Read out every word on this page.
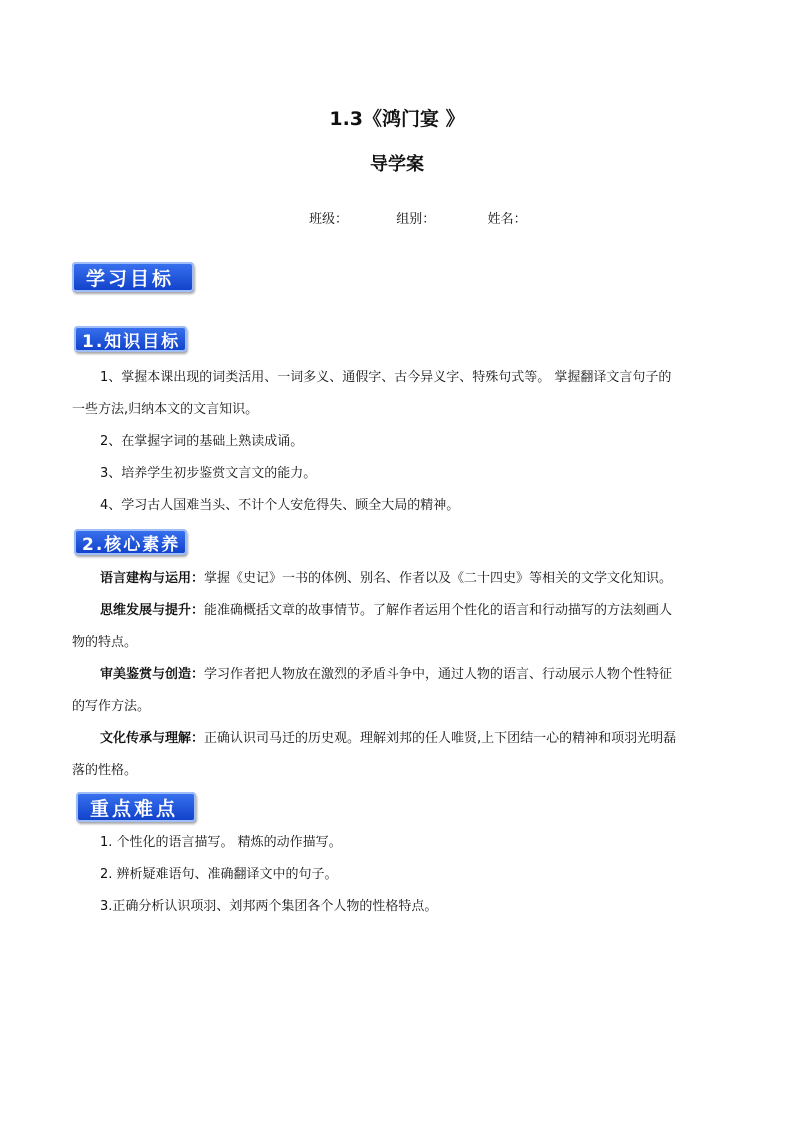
1.3《鸿门宴 》
导学案
班级：	组别：	姓名：
学习目标
1.知识目标
1、掌握本课出现的词类活用、一词多义、通假字、古今异义字、特殊句式等。 掌握翻译文言句子的
一些方法,归纳本文的文言知识。
2、在掌握字词的基础上熟读成诵。
3、培养学生初步鉴赏文言文的能力。
4、学习古人国难当头、不计个人安危得失、顾全大局的精神。
2.核心素养
语言建构与运用：掌握《史记》一书的体例、别名、作者以及《二十四史》等相关的文学文化知识。
思维发展与提升：能准确概括文章的故事情节。了解作者运用个性化的语言和行动描写的方法刻画人
物的特点。
审美鉴赏与创造：学习作者把人物放在激烈的矛盾斗争中，通过人物的语言、行动展示人物个性特征
的写作方法。
文化传承与理解：正确认识司马迁的历史观。理解刘邦的任人唯贤,上下团结一心的精神和项羽光明磊
落的性格。
重点难点
1. 个性化的语言描写。 精炼的动作描写。
2. 辨析疑难语句、准确翻译文中的句子。
3.正确分析认识项羽、刘邦两个集团各个人物的性格特点。
